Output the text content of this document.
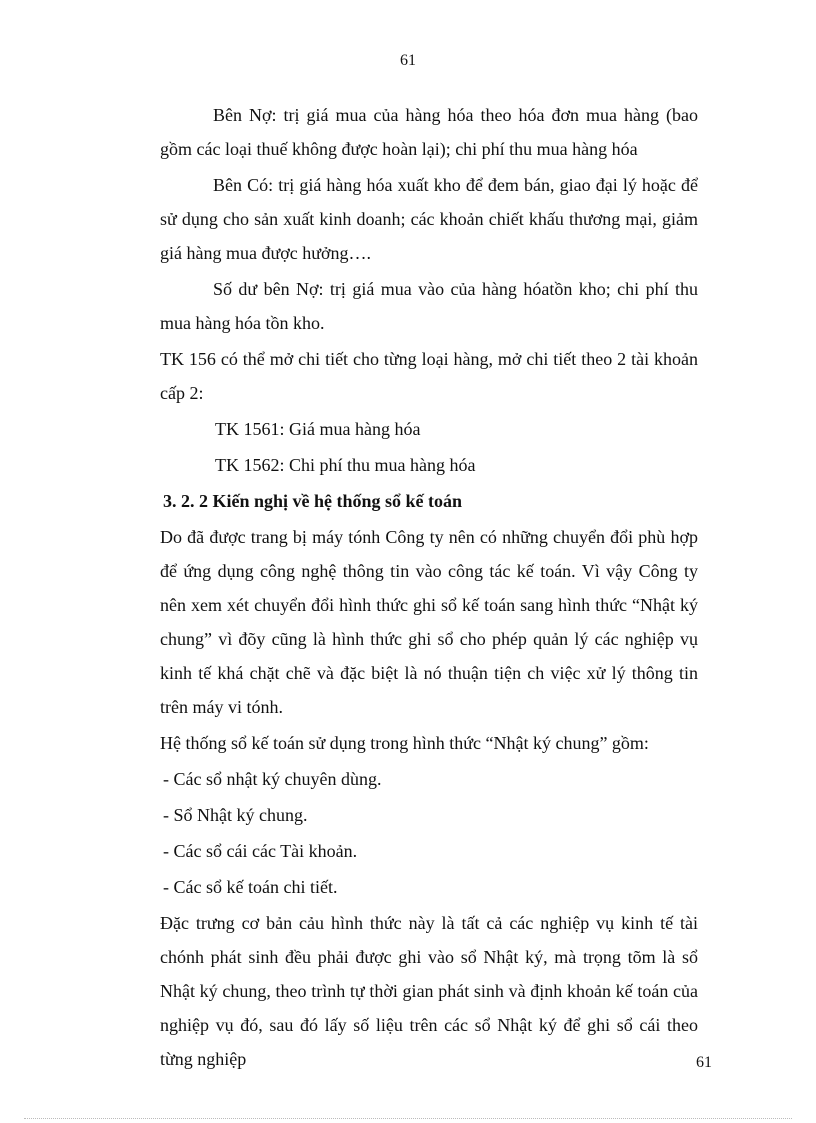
61

Bên Nợ: trị giá mua của hàng hóa theo hóa đơn mua hàng (bao gồm các loại thuế không được hoàn lại); chi phí thu mua hàng hóa

Bên Có: trị giá hàng hóa xuất kho để đem bán, giao đại lý hoặc để sử dụng cho sản xuất kinh doanh; các khoản chiết khấu thương mại, giảm giá hàng mua được hưởng….

Số dư bên Nợ: trị giá mua vào của hàng hóatồn kho; chi phí thu mua hàng hóa tồn kho.

TK 156 có thể mở chi tiết cho từng loại hàng, mở chi tiết theo 2 tài khoản cấp 2:

TK 1561: Giá mua hàng hóa

TK 1562: Chi phí thu mua hàng hóa

3. 2. 2 Kiến nghị về hệ thống sổ kế toán

Do đã được trang bị máy tónh Công ty nên có những chuyển đổi phù hợp để ứng dụng công nghệ thông tin vào công tác kế toán. Vì vậy Công ty nên xem xét chuyển đổi hình thức ghi sổ kế toán sang hình thức “Nhật ký chung” vì đõy cũng là hình thức ghi sổ cho phép quản lý các nghiệp vụ kinh tế khá chặt chẽ và đặc biệt là nó thuận tiện ch việc xử lý thông tin trên máy vi tónh.

Hệ thống sổ kế toán sử dụng trong hình thức “Nhật ký chung” gồm:

- Các sổ nhật ký chuyên dùng.

- Sổ Nhật ký chung.

- Các sổ cái các Tài khoản.

- Các sổ kế toán chi tiết.

Đặc trưng cơ bản cảu hình thức này là tất cả các nghiệp vụ kinh tế tài chónh phát sinh đều phải được ghi vào sổ Nhật ký, mà trọng tõm là sổ Nhật ký chung, theo trình tự thời gian phát sinh và định khoản kế toán của nghiệp vụ đó, sau đó lấy số liệu trên các sổ Nhật ký để ghi sổ cái theo từng nghiệp	61
